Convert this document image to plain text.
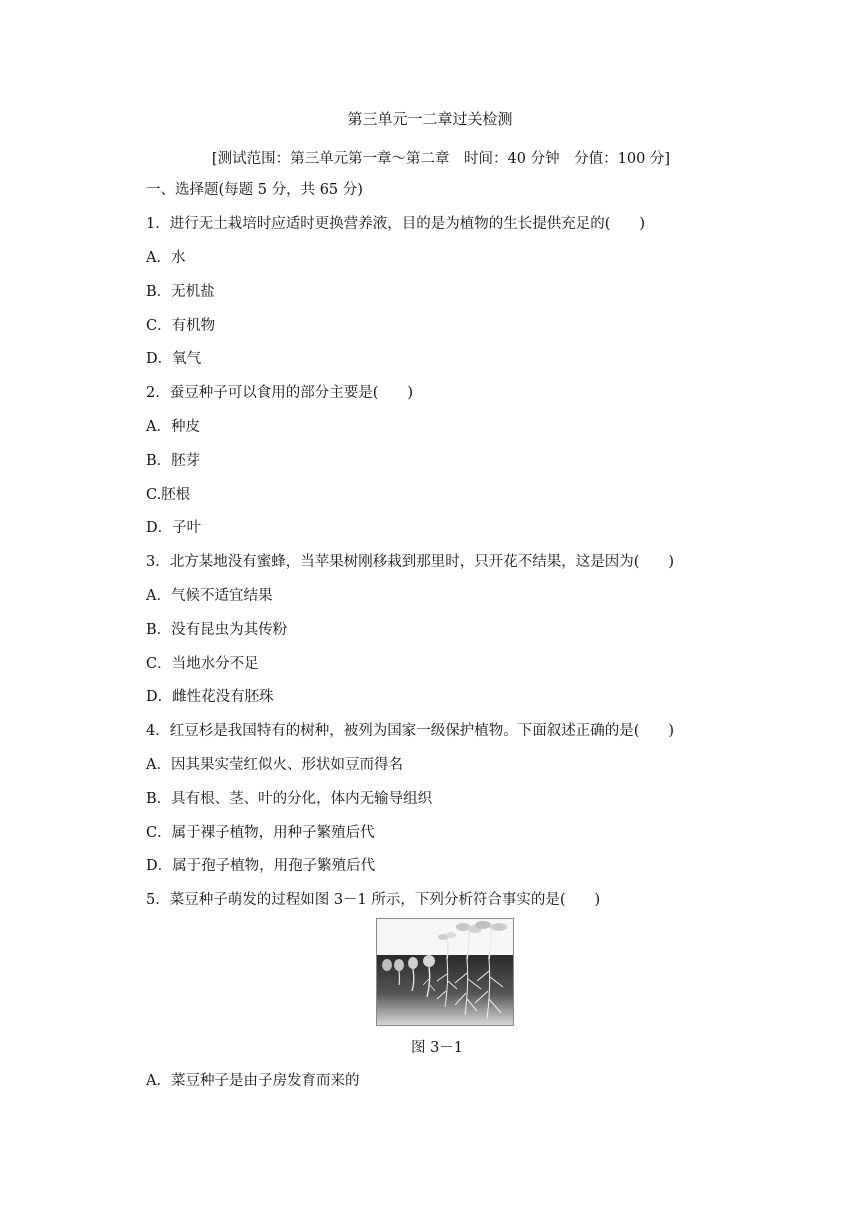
第三单元一二章过关检测
[测试范围：第三单元第一章～第二章　时间：40 分钟　分值：100 分]
一、选择题(每题 5 分，共 65 分)
1．进行无土栽培时应适时更换营养液，目的是为植物的生长提供充足的(　　)
A．水
B．无机盐
C．有机物
D．氧气
2．蚕豆种子可以食用的部分主要是(　　)
A．种皮
B．胚芽
C.胚根
D．子叶
3．北方某地没有蜜蜂，当苹果树刚移栽到那里时，只开花不结果，这是因为(　　)
A．气候不适宜结果
B．没有昆虫为其传粉
C．当地水分不足
D．雌性花没有胚珠
4．红豆杉是我国特有的树种，被列为国家一级保护植物。下面叙述正确的是(　　)
A．因其果实莹红似火、形状如豆而得名
B．具有根、茎、叶的分化，体内无输导组织
C．属于裸子植物，用种子繁殖后代
D．属于孢子植物，用孢子繁殖后代
5．菜豆种子萌发的过程如图 3－1 所示，下列分析符合事实的是(　　)
图 3－1
A．菜豆种子是由子房发育而来的
